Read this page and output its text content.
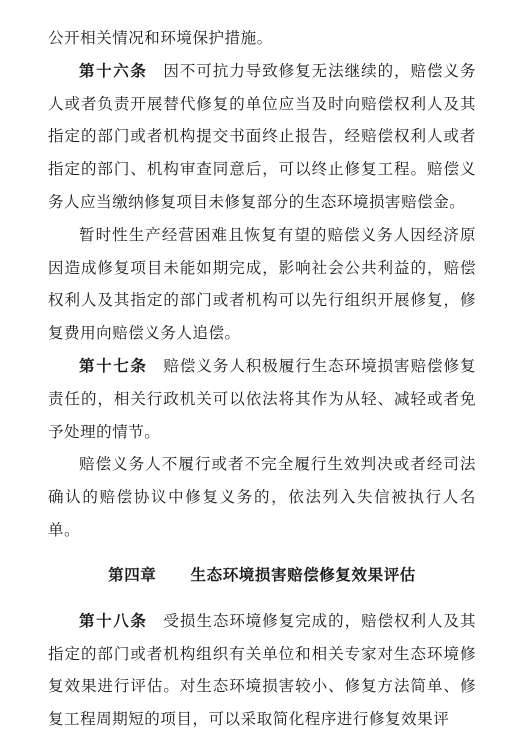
公开相关情况和环境保护措施。

第十六条 因不可抗力导致修复无法继续的，赔偿义务人或者负责开展替代修复的单位应当及时向赔偿权利人及其指定的部门或者机构提交书面终止报告，经赔偿权利人或者指定的部门、机构审查同意后，可以终止修复工程。赔偿义务人应当缴纳修复项目未修复部分的生态环境损害赔偿金。

暂时性生产经营困难且恢复有望的赔偿义务人因经济原因造成修复项目未能如期完成，影响社会公共利益的，赔偿权利人及其指定的部门或者机构可以先行组织开展修复，修复费用向赔偿义务人追偿。

第十七条 赔偿义务人积极履行生态环境损害赔偿修复责任的，相关行政机关可以依法将其作为从轻、减轻或者免予处理的情节。

赔偿义务人不履行或者不完全履行生效判决或者经司法确认的赔偿协议中修复义务的，依法列入失信被执行人名单。

第四章 生态环境损害赔偿修复效果评估

第十八条 受损生态环境修复完成的，赔偿权利人及其指定的部门或者机构组织有关单位和相关专家对生态环境修复效果进行评估。对生态环境损害较小、修复方法简单、修复工程周期短的项目，可以采取简化程序进行修复效果评
